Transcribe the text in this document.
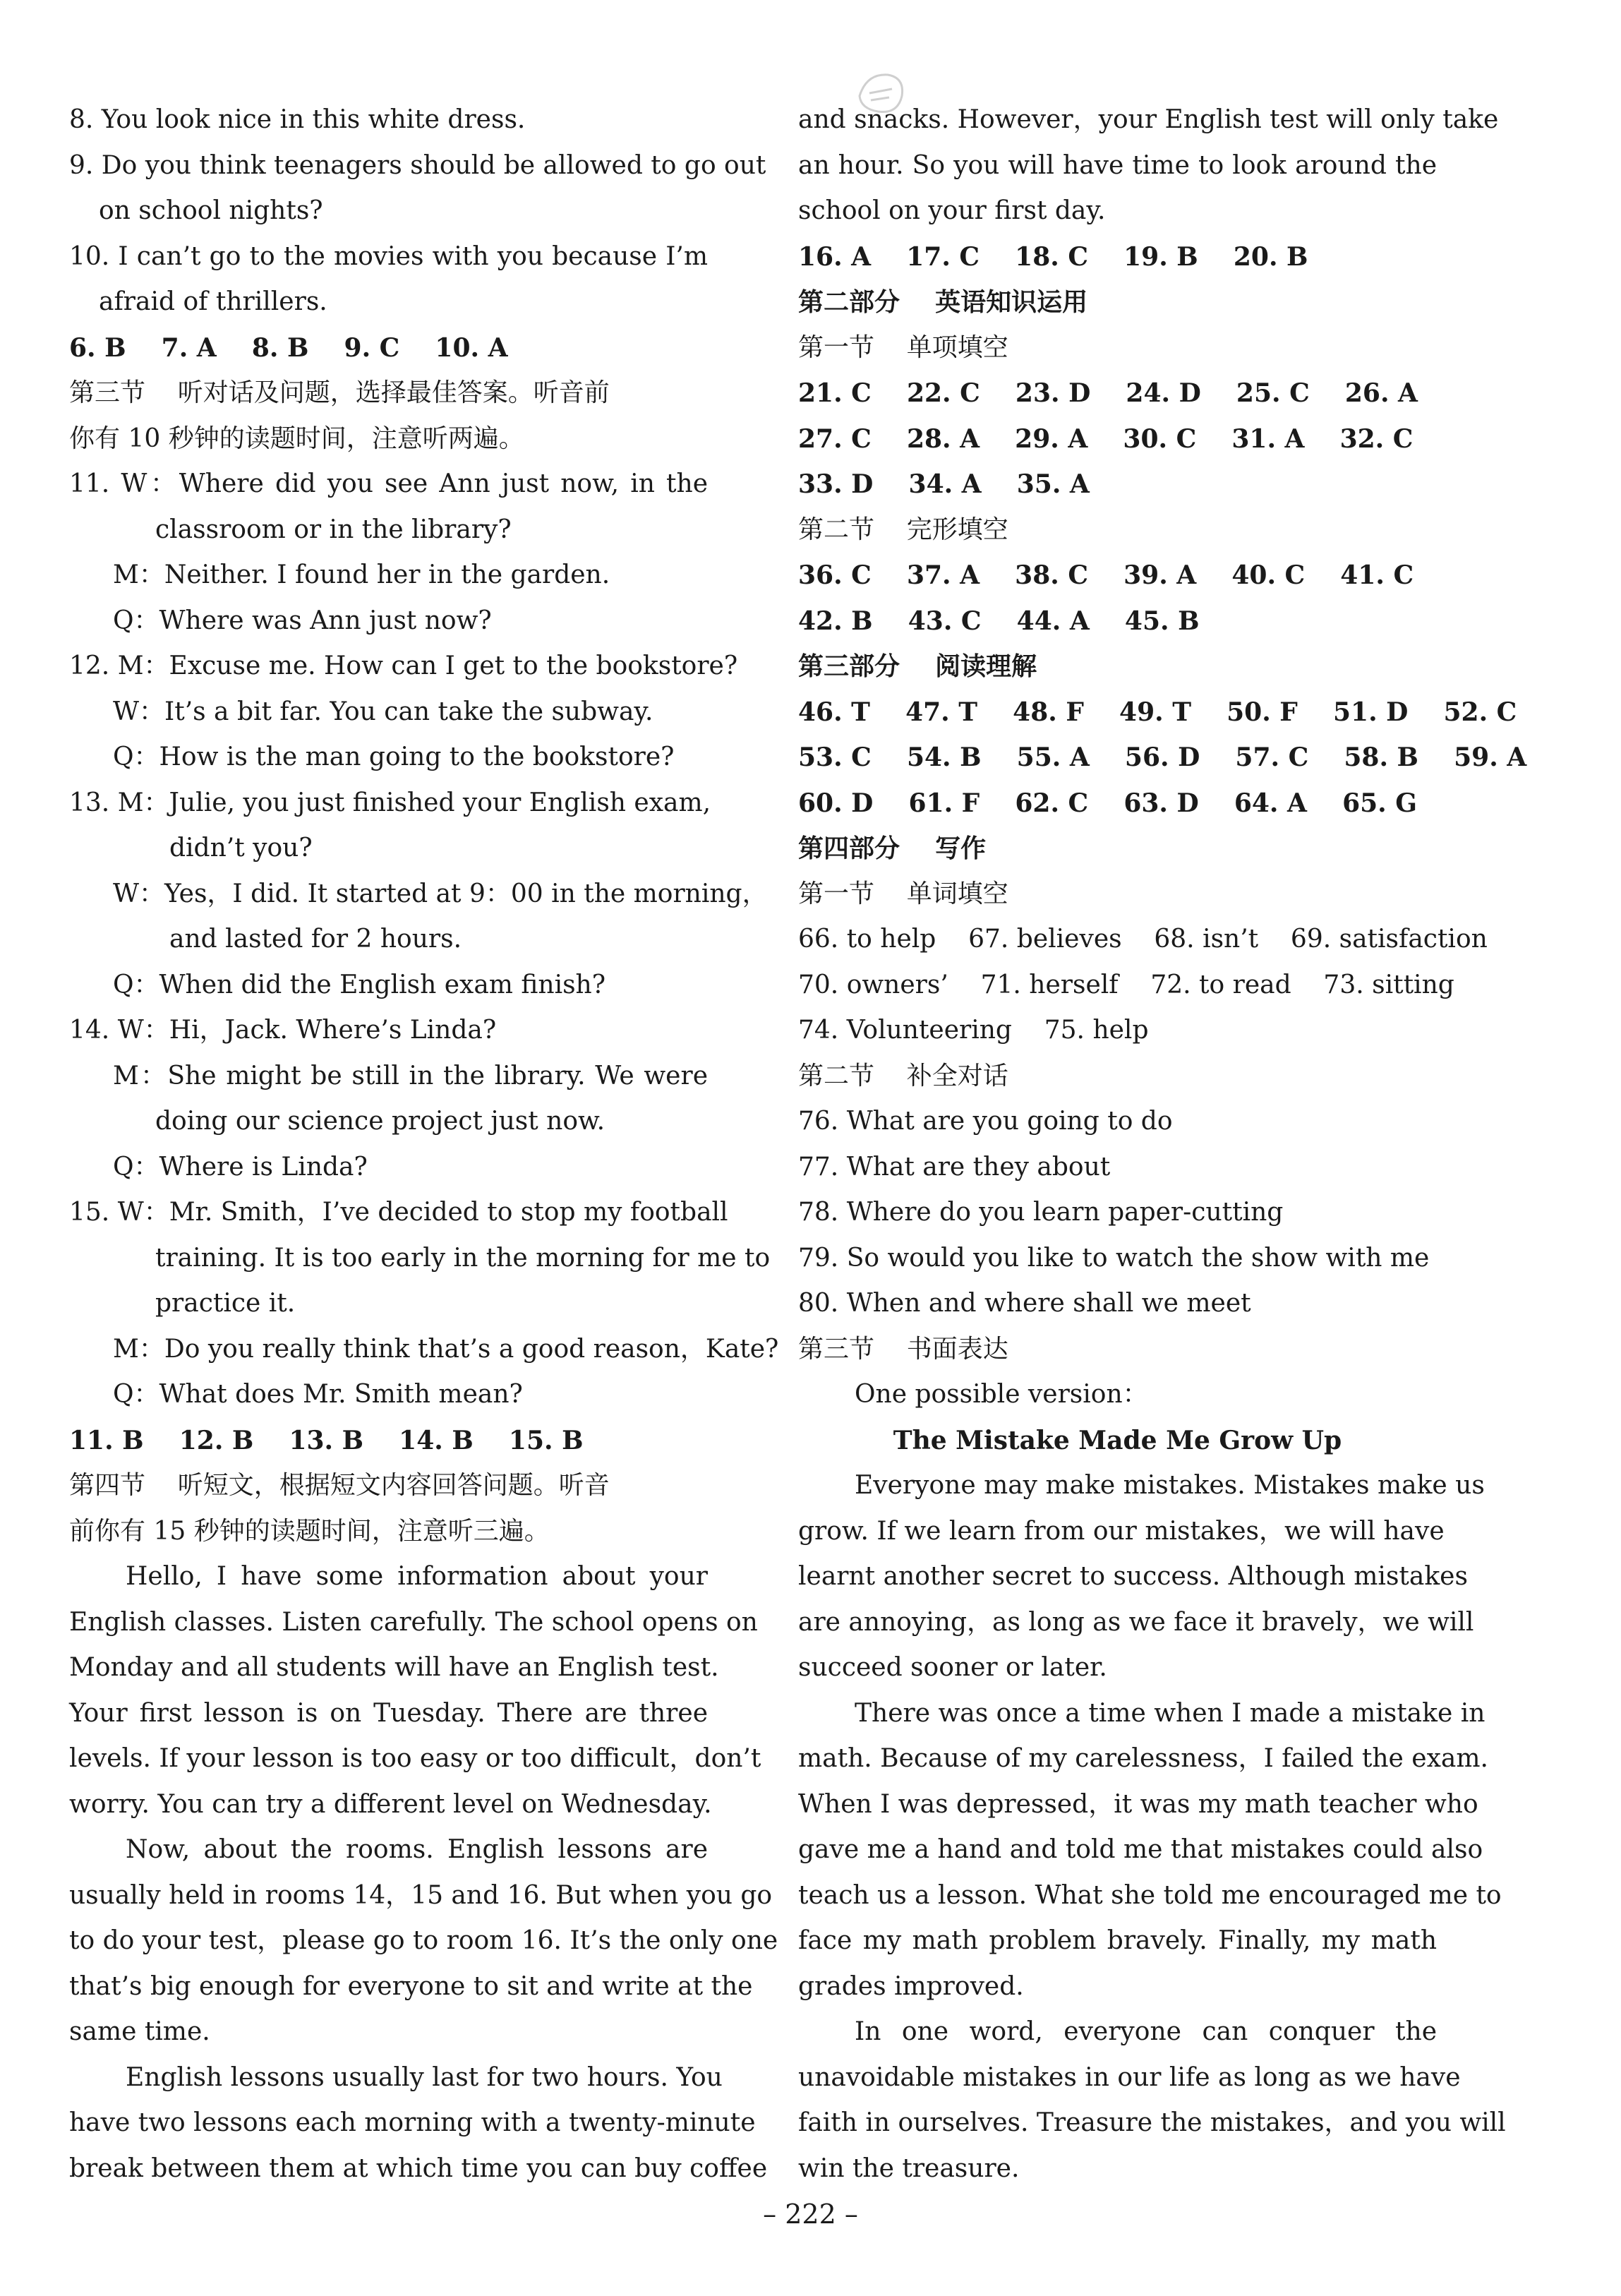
8. You look nice in this white dress.
9. Do you think teenagers should be allowed to go out
on school nights?
10. I can’t go to the movies with you because I’m
afraid of thrillers.
6. B    7. A    8. B    9. C    10. A
第三节    听对话及问题，选择最佳答案。听音前
你有 10 秒钟的读题时间，注意听两遍。
11. W：Where did you see Ann just now, in the
classroom or in the library?
M：Neither. I found her in the garden.
Q：Where was Ann just now?
12. M：Excuse me. How can I get to the bookstore?
W：It’s a bit far. You can take the subway.
Q：How is the man going to the bookstore?
13. M：Julie, you just finished your English exam,
didn’t you?
W：Yes，I did. It started at 9：00 in the morning，
and lasted for 2 hours.
Q：When did the English exam finish?
14. W：Hi，Jack. Where’s Linda?
M：She might be still in the library. We were
doing our science project just now.
Q：Where is Linda?
15. W：Mr. Smith，I’ve decided to stop my football
training. It is too early in the morning for me to
practice it.
M：Do you really think that’s a good reason，Kate?
Q：What does Mr. Smith mean?
11. B    12. B    13. B    14. B    15. B
第四节    听短文，根据短文内容回答问题。听音
前你有 15 秒钟的读题时间，注意听三遍。
Hello, I have some information about your
English classes. Listen carefully. The school opens on
Monday and all students will have an English test.
Your first lesson is on Tuesday. There are three
levels. If your lesson is too easy or too difficult，don’t
worry. You can try a different level on Wednesday.
Now, about the rooms. English lessons are
usually held in rooms 14，15 and 16. But when you go
to do your test，please go to room 16. It’s the only one
that’s big enough for everyone to sit and write at the
same time.
English lessons usually last for two hours. You
have two lessons each morning with a twenty-minute
break between them at which time you can buy coffee
and snacks. However，your English test will only take
an hour. So you will have time to look around the
school on your first day.
16. A    17. C    18. C    19. B    20. B
第二部分    英语知识运用
第一节    单项填空
21. C    22. C    23. D    24. D    25. C    26. A
27. C    28. A    29. A    30. C    31. A    32. C
33. D    34. A    35. A
第二节    完形填空
36. C    37. A    38. C    39. A    40. C    41. C
42. B    43. C    44. A    45. B
第三部分    阅读理解
46. T    47. T    48. F    49. T    50. F    51. D    52. C
53. C    54. B    55. A    56. D    57. C    58. B    59. A
60. D    61. F    62. C    63. D    64. A    65. G
第四部分    写作
第一节    单词填空
66. to help    67. believes    68. isn’t    69. satisfaction
70. owners’    71. herself    72. to read    73. sitting
74. Volunteering    75. help
第二节    补全对话
76. What are you going to do
77. What are they about
78. Where do you learn paper-cutting
79. So would you like to watch the show with me
80. When and where shall we meet
第三节    书面表达
One possible version：
The Mistake Made Me Grow Up
Everyone may make mistakes. Mistakes make us
grow. If we learn from our mistakes，we will have
learnt another secret to success. Although mistakes
are annoying，as long as we face it bravely，we will
succeed sooner or later.
There was once a time when I made a mistake in
math. Because of my carelessness，I failed the exam.
When I was depressed，it was my math teacher who
gave me a hand and told me that mistakes could also
teach us a lesson. What she told me encouraged me to
face my math problem bravely. Finally, my math
grades improved.
In one word, everyone can conquer the
unavoidable mistakes in our life as long as we have
faith in ourselves. Treasure the mistakes，and you will
win the treasure.
– 222 –
